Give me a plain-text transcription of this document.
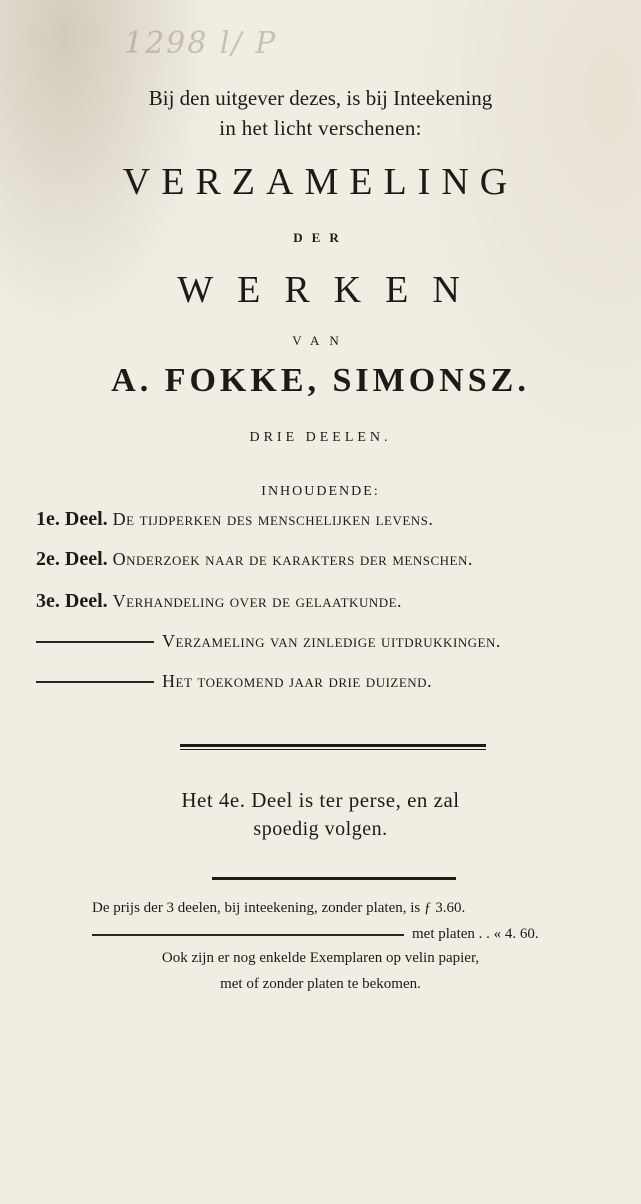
1298 l/ P
Bij den uitgever dezes, is bij Inteekening
in het licht verschenen:
VERZAMELING
DER
WERKEN
VAN
A. FOKKE, SIMONSZ.
DRIE DEELEN.
INHOUDENDE:
1e. Deel. De tijdperken des menschelijken levens.
2e. Deel. Onderzoek naar de karakters der menschen.
3e. Deel. Verhandeling over de gelaatkunde.
Verzameling van zinledige uitdrukkingen.
Het toekomend jaar drie duizend.
Het 4e. Deel is ter perse, en zal
spoedig volgen.
De prijs der 3 deelen, bij inteekening, zonder platen, is ƒ 3.60.
met platen . . « 4. 60.
Ook zijn er nog enkelde Exemplaren op velin papier,
met of zonder platen te bekomen.
